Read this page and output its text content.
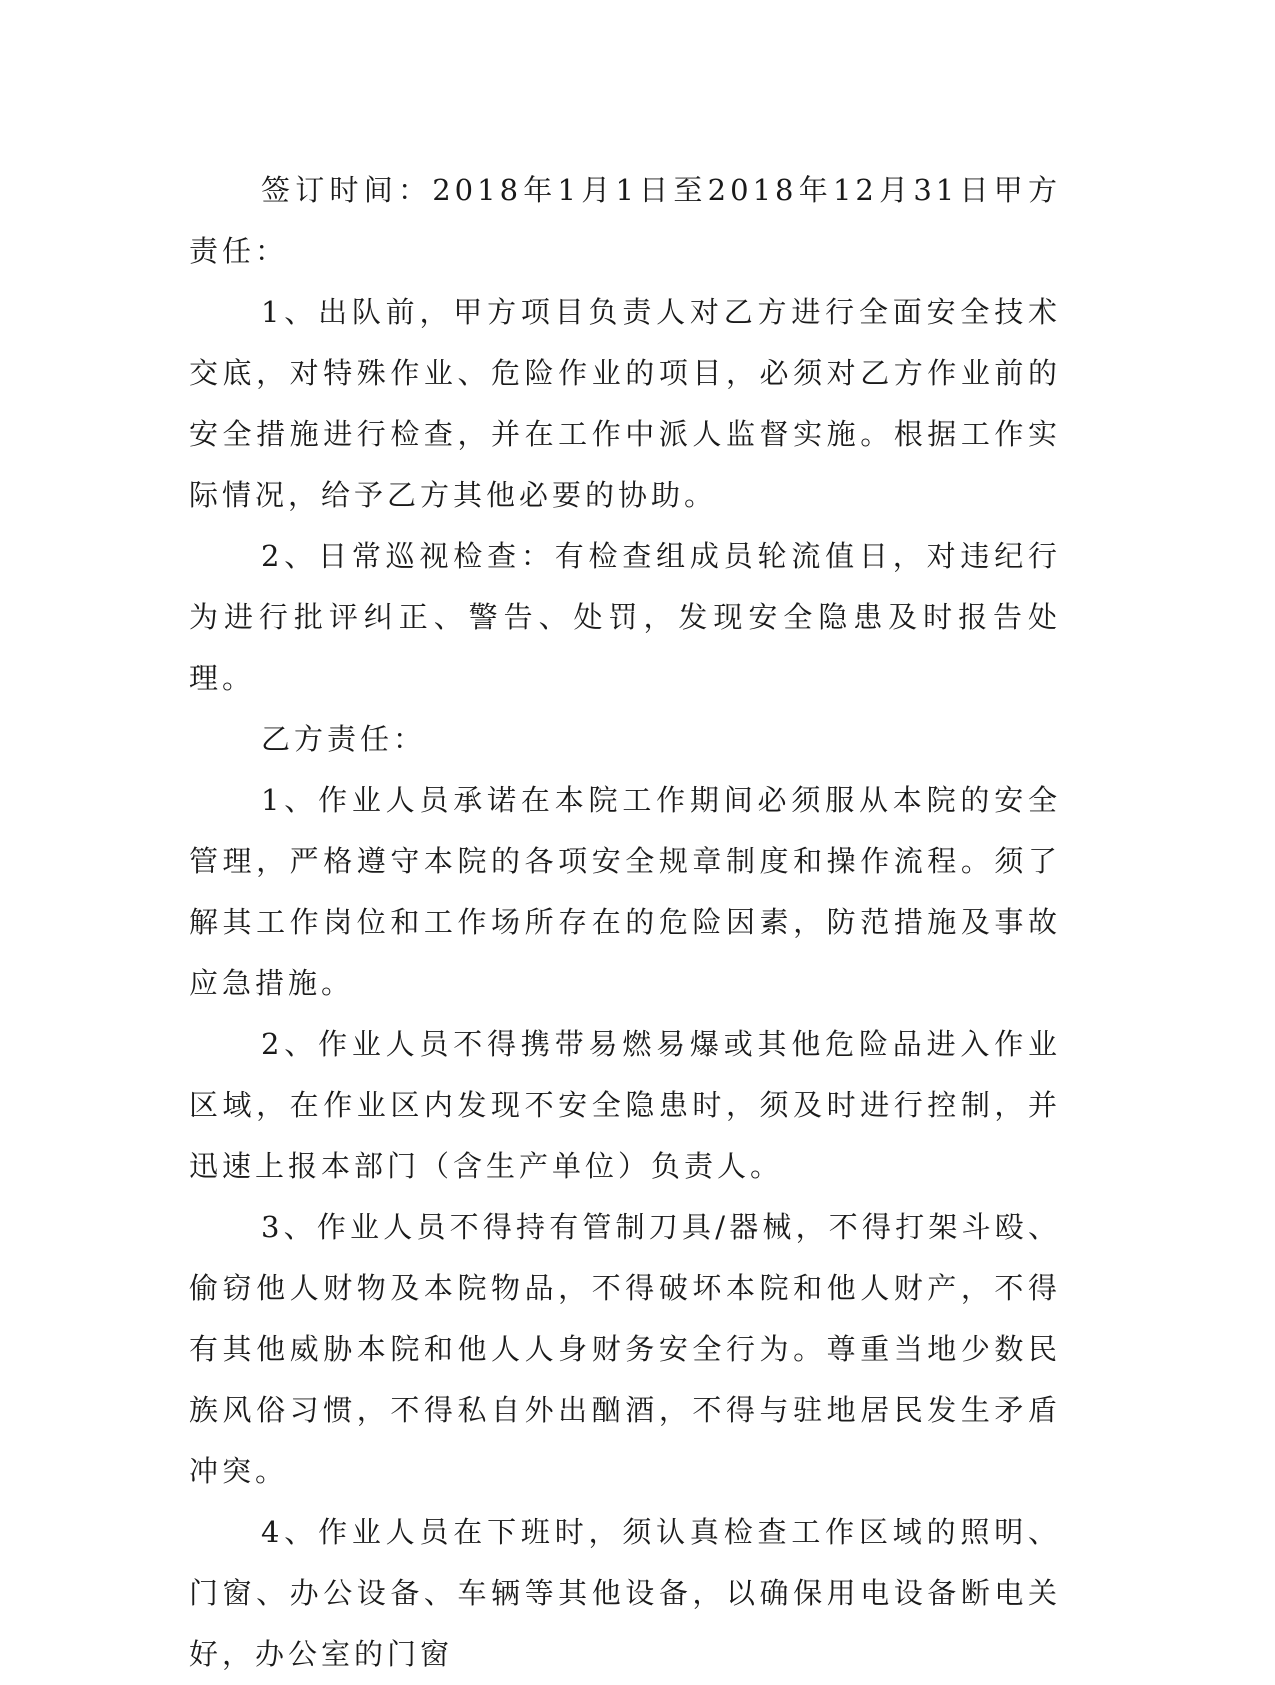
签订时间：2018年1月1日至2018年12月31日甲方责任：

1、出队前，甲方项目负责人对乙方进行全面安全技术交底，对特殊作业、危险作业的项目，必须对乙方作业前的安全措施进行检查，并在工作中派人监督实施。根据工作实际情况，给予乙方其他必要的协助。

2、日常巡视检查：有检查组成员轮流值日，对违纪行为进行批评纠正、警告、处罚，发现安全隐患及时报告处理。

乙方责任：

1、作业人员承诺在本院工作期间必须服从本院的安全管理，严格遵守本院的各项安全规章制度和操作流程。须了解其工作岗位和工作场所存在的危险因素，防范措施及事故应急措施。

2、作业人员不得携带易燃易爆或其他危险品进入作业区域，在作业区内发现不安全隐患时，须及时进行控制，并迅速上报本部门（含生产单位）负责人。

3、作业人员不得持有管制刀具/器械，不得打架斗殴、偷窃他人财物及本院物品，不得破坏本院和他人财产，不得有其他威胁本院和他人人身财务安全行为。尊重当地少数民族风俗习惯，不得私自外出酗酒，不得与驻地居民发生矛盾冲突。

4、作业人员在下班时，须认真检查工作区域的照明、门窗、办公设备、车辆等其他设备，以确保用电设备断电关好，办公室的门窗
